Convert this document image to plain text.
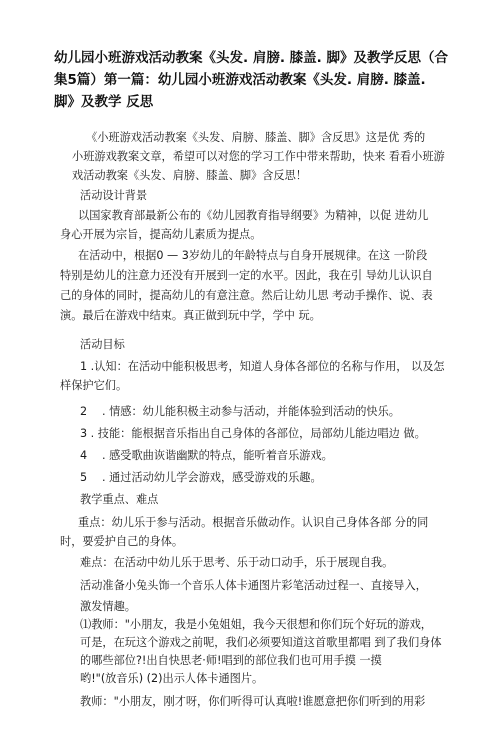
幼儿园小班游戏活动教案《头发. 肩膀. 膝盖. 脚》及教学反思（合
集5篇）第一篇：幼儿园小班游戏活动教案《头发. 肩膀. 膝盖.
脚》及教学 反思

《小班游戏活动教案《头发、肩膀、膝盖、脚》含反思》这是优 秀的
小班游戏教案文章，希望可以对您的学习工作中带来帮助，快来 看看小班游
戏活动教案《头发、肩膀、膝盖、脚》含反思！

活动设计背景

以国家教育部最新公布的《幼儿园教育指导纲要》为精神，以促 进幼儿
身心开展为宗旨，提高幼儿素质为提点。

在活动中，根据0 — 3岁幼儿的年龄特点与自身开展规律。在这 一阶段
特别是幼儿的注意力还没有开展到一定的水平。因此，我在引 导幼儿认识自
己的身体的同时，提高幼儿的有意注意。然后让幼儿思 考动手操作、说、表
演。最后在游戏中结束。真正做到玩中学，学中 玩。

活动目标

1 .认知：在活动中能积极思考，知道人身体各部位的名称与作用， 以及怎
样保护它们。

2 . 情感：幼儿能积极主动参与活动，并能体验到活动的快乐。

3 . 技能：能根据音乐指出自己身体的各部位，局部幼儿能边唱边 做。

4 . 感受歌曲诙谐幽默的特点，能听着音乐游戏。

5 . 通过活动幼儿学会游戏，感受游戏的乐趣。

教学重点、难点

重点：幼儿乐于参与活动。根据音乐做动作。认识自己身体各部 分的同
时，要爱护自己的身体。

难点：在活动中幼儿乐于思考、乐于动口动手，乐于展现自我。

活动准备小兔头饰一个音乐人体卡通图片彩笔活动过程一、直接导入，
激发情趣。

⑴教师："小朋友，我是小兔姐姐，我今天很想和你们玩个好玩的游戏，
可是，在玩这个游戏之前呢，我们必须要知道这首歌里都唱 到了我们身体
的哪些部位?!出自快思老·师!唱到的部位我们也可用手摸 一摸
哟!"(放音乐) (2)出示人体卡通图片。

教师："小朋友，刚才呀，你们听得可认真啦!谁愿意把你们听到的用彩
